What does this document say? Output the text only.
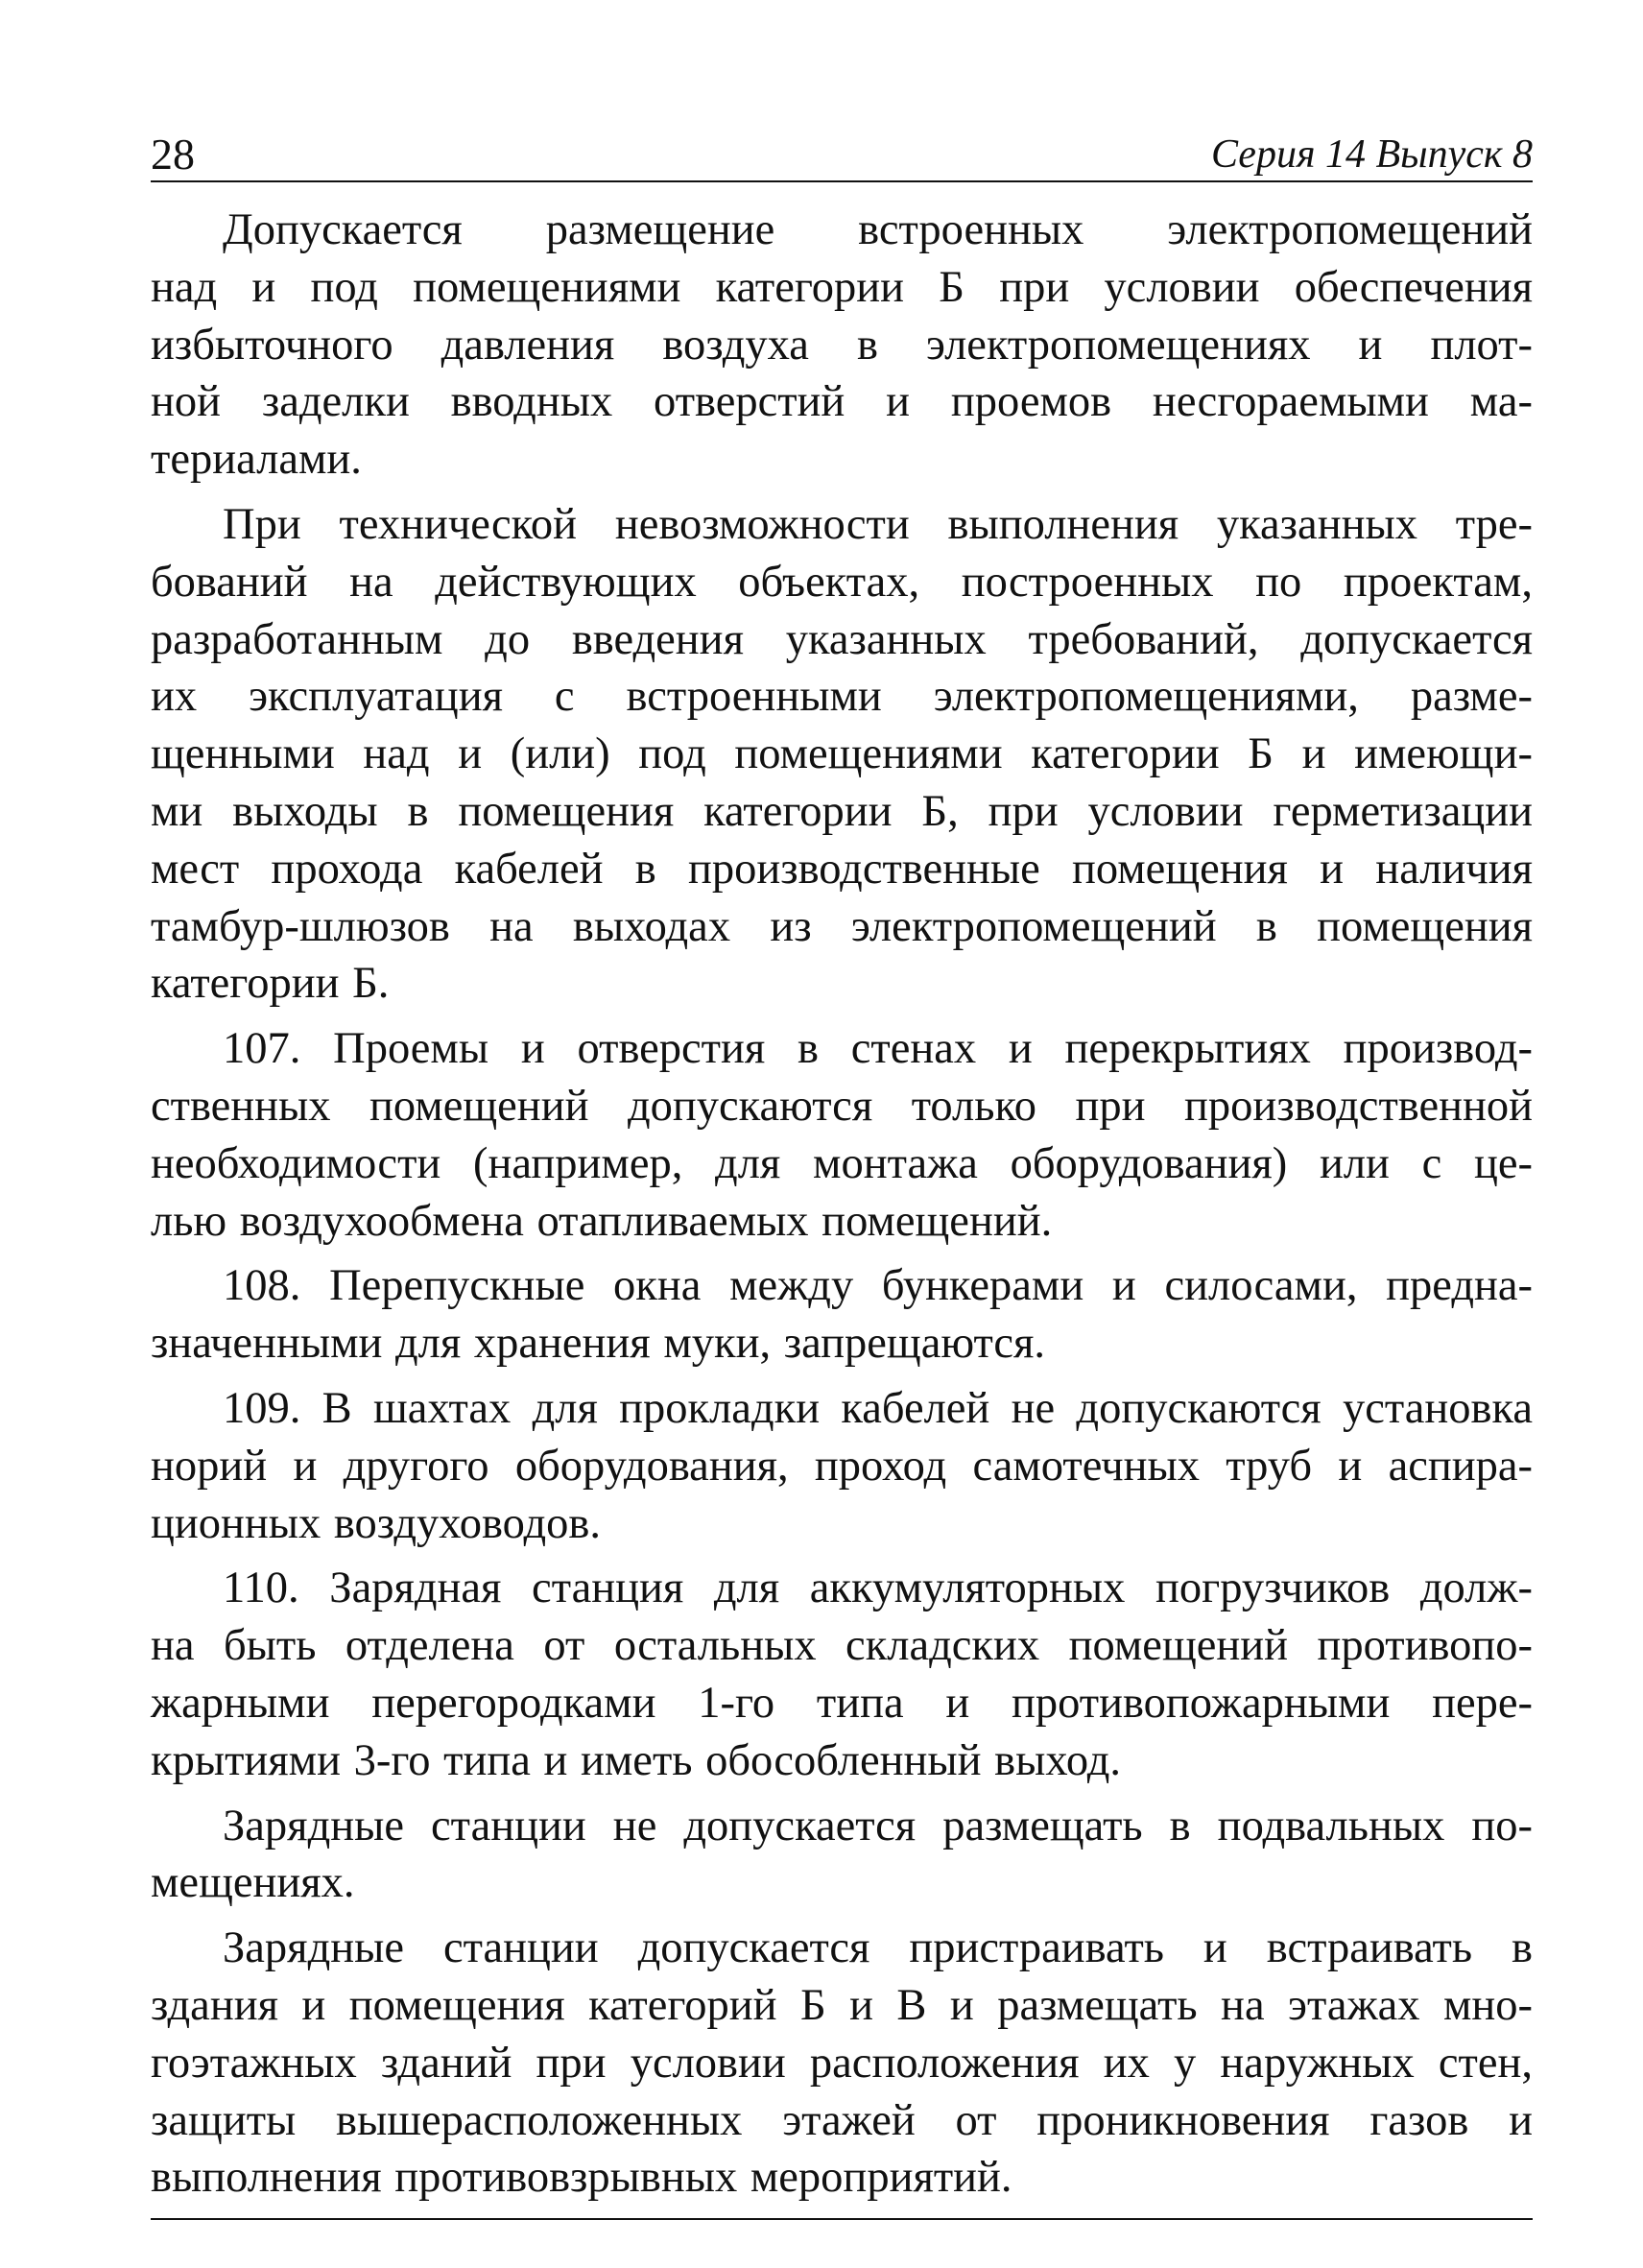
28	Серия 14 Выпуск 8
Допускается размещение встроенных электропомещений
над и под помещениями категории Б при условии обеспечения
избыточного давления воздуха в электропомещениях и плот-
ной заделки вводных отверстий и проемов несгораемыми ма-
териалами.
При технической невозможности выполнения указанных тре-
бований на действующих объектах, построенных по проектам,
разработанным до введения указанных требований, допускается
их эксплуатация с встроенными электропомещениями, разме-
щенными над и (или) под помещениями категории Б и имеющи-
ми выходы в помещения категории Б, при условии герметизации
мест прохода кабелей в производственные помещения и наличия
тамбур-шлюзов на выходах из электропомещений в помещения
категории Б.
107. Проемы и отверстия в стенах и перекрытиях производ-
ственных помещений допускаются только при производственной
необходимости (например, для монтажа оборудования) или с це-
лью воздухообмена отапливаемых помещений.
108. Перепускные окна между бункерами и силосами, предна-
значенными для хранения муки, запрещаются.
109. В шахтах для прокладки кабелей не допускаются установка
норий и другого оборудования, проход самотечных труб и аспира-
ционных воздуховодов.
110. Зарядная станция для аккумуляторных погрузчиков долж-
на быть отделена от остальных складских помещений противопо-
жарными перегородками 1-го типа и противопожарными пере-
крытиями 3-го типа и иметь обособленный выход.
Зарядные станции не допускается размещать в подвальных по-
мещениях.
Зарядные станции допускается пристраивать и встраивать в
здания и помещения категорий Б и В и размещать на этажах мно-
гоэтажных зданий при условии расположения их у наружных стен,
защиты вышерасположенных этажей от проникновения газов и
выполнения противовзрывных мероприятий.
